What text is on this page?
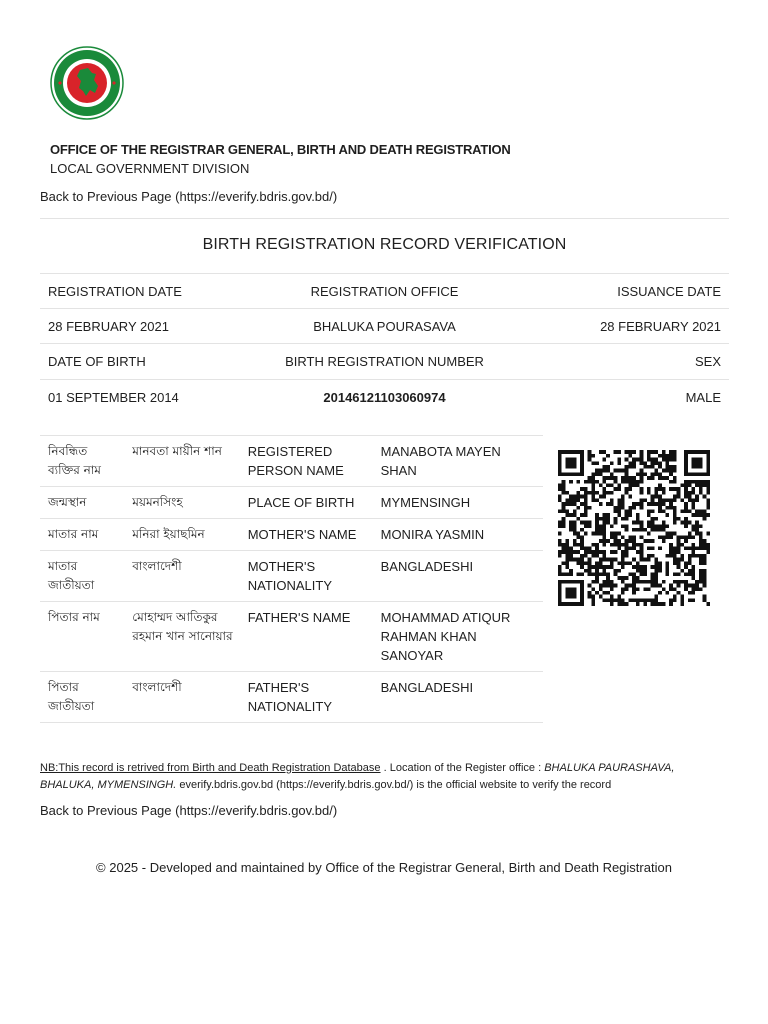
OFFICE OF THE REGISTRAR GENERAL, BIRTH AND DEATH REGISTRATION
LOCAL GOVERNMENT DIVISION
Back to Previous Page (https://everify.bdris.gov.bd/)
BIRTH REGISTRATION RECORD VERIFICATION
REGISTRATION DATE	REGISTRATION OFFICE	ISSUANCE DATE
28 FEBRUARY 2021	BHALUKA POURASAVA	28 FEBRUARY 2021
DATE OF BIRTH	BIRTH REGISTRATION NUMBER	SEX
01 SEPTEMBER 2014	20146121103060974	MALE
নিবন্ধিত ব্যক্তির নাম	মানবতা মায়ীন শান	REGISTERED PERSON NAME	MANABOTA MAYEN SHAN
জন্মস্থান	ময়মনসিংহ	PLACE OF BIRTH	MYMENSINGH
মাতার নাম	মনিরা ইয়াছমিন	MOTHER'S NAME	MONIRA YASMIN
মাতার জাতীয়তা	বাংলাদেশী	MOTHER'S NATIONALITY	BANGLADESHI
পিতার নাম	মোহাম্মদ আতিকুর রহমান খান সানোয়ার	FATHER'S NAME	MOHAMMAD ATIQUR RAHMAN KHAN SANOYAR
পিতার জাতীয়তা	বাংলাদেশী	FATHER'S NATIONALITY	BANGLADESHI
NB:This record is retrived from Birth and Death Registration Database . Location of the Register office : BHALUKA PAURASHAVA, BHALUKA, MYMENSINGH. everify.bdris.gov.bd (https://everify.bdris.gov.bd/) is the official website to verify the record
Back to Previous Page (https://everify.bdris.gov.bd/)
© 2025 - Developed and maintained by Office of the Registrar General, Birth and Death Registration
